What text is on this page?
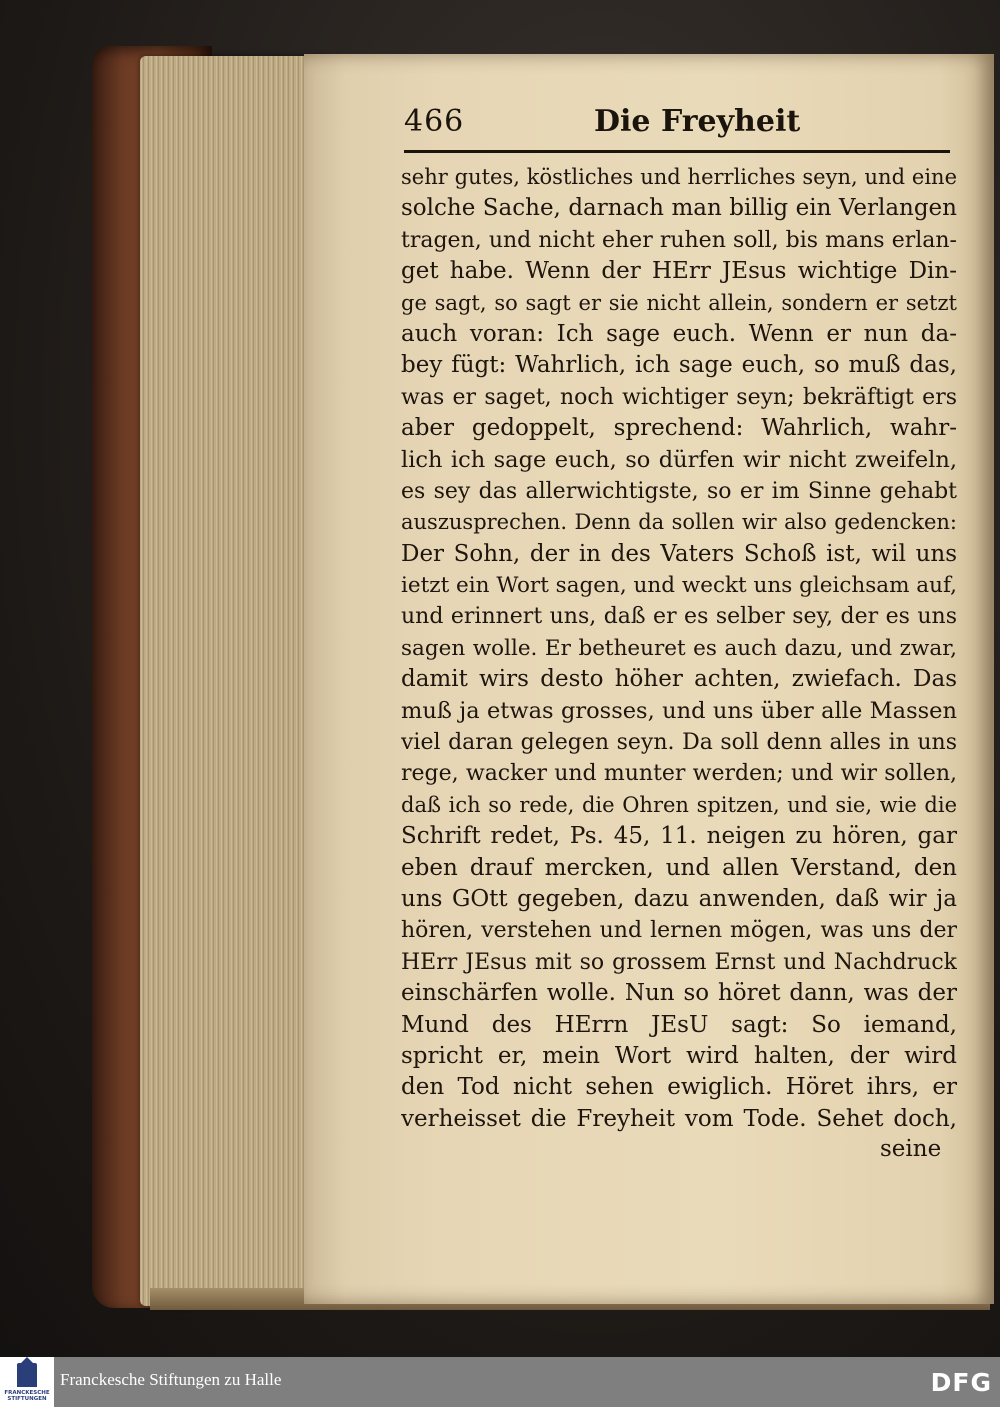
466	Die Freyheit
sehr gutes, köstliches und herrliches seyn, und eine
solche Sache, darnach man billig ein Verlangen
tragen, und nicht eher ruhen soll, bis mans erlan-
get habe. Wenn der HErr JEsus wichtige Din-
ge sagt, so sagt er sie nicht allein, sondern er setzt
auch voran: Ich sage euch. Wenn er nun da-
bey fügt: Wahrlich, ich sage euch, so muß das,
was er saget, noch wichtiger seyn; bekräftigt ers
aber gedoppelt, sprechend: Wahrlich, wahr-
lich ich sage euch, so dürfen wir nicht zweifeln,
es sey das allerwichtigste, so er im Sinne gehabt
auszusprechen. Denn da sollen wir also gedencken:
Der Sohn, der in des Vaters Schoß ist, wil uns
ietzt ein Wort sagen, und weckt uns gleichsam auf,
und erinnert uns, daß er es selber sey, der es uns
sagen wolle. Er betheuret es auch dazu, und zwar,
damit wirs desto höher achten, zwiefach. Das
muß ja etwas grosses, und uns über alle Massen
viel daran gelegen seyn. Da soll denn alles in uns
rege, wacker und munter werden; und wir sollen,
daß ich so rede, die Ohren spitzen, und sie, wie die
Schrift redet, Ps. 45, 11. neigen zu hören, gar
eben drauf mercken, und allen Verstand, den
uns GOtt gegeben, dazu anwenden, daß wir ja
hören, verstehen und lernen mögen, was uns der
HErr JEsus mit so grossem Ernst und Nachdruck
einschärfen wolle. Nun so höret dann, was der
Mund des HErrn JEsU sagt: So iemand,
spricht er, mein Wort wird halten, der wird
den Tod nicht sehen ewiglich. Höret ihrs, er
verheisset die Freyheit vom Tode. Sehet doch,
seine
FRANCKESCHE STIFTUNGEN
Franckesche Stiftungen zu Halle	DFG
